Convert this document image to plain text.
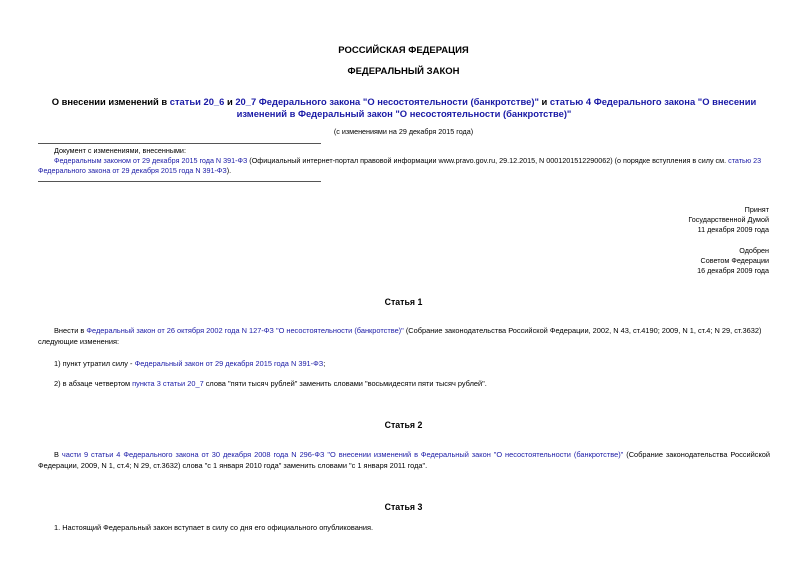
РОССИЙСКАЯ ФЕДЕРАЦИЯ
ФЕДЕРАЛЬНЫЙ ЗАКОН
О внесении изменений в статьи 20_6 и 20_7 Федерального закона "О несостоятельности (банкротстве)" и статью 4 Федерального закона "О внесении изменений в Федеральный закон "О несостоятельности (банкротстве)"
(с изменениями на 29 декабря 2015 года)
Документ с изменениями, внесенными:
Федеральным законом от 29 декабря 2015 года N 391-ФЗ (Официальный интернет-портал правовой информации www.pravo.gov.ru, 29.12.2015, N 0001201512290062) (о порядке вступления в силу см. статью 23 Федерального закона от 29 декабря 2015 года N 391-ФЗ).
Принят
Государственной Думой
11 декабря 2009 года
Одобрен
Советом Федерации
16 декабря 2009 года
Статья 1
Внести в Федеральный закон от 26 октября 2002 года N 127-ФЗ "О несостоятельности (банкротстве)" (Собрание законодательства Российской Федерации, 2002, N 43, ст.4190; 2009, N 1, ст.4; N 29, ст.3632) следующие изменения:
1) пункт утратил силу - Федеральный закон от 29 декабря 2015 года N 391-ФЗ;
2) в абзаце четвертом пункта 3 статьи 20_7 слова "пяти тысяч рублей" заменить словами "восьмидесяти пяти тысяч рублей".
Статья 2
В части 9 статьи 4 Федерального закона от 30 декабря 2008 года N 296-ФЗ "О внесении изменений в Федеральный закон "О несостоятельности (банкротстве)" (Собрание законодательства Российской Федерации, 2009, N 1, ст.4; N 29, ст.3632) слова "с 1 января 2010 года" заменить словами "с 1 января 2011 года".
Статья 3
1. Настоящий Федеральный закон вступает в силу со дня его официального опубликования.
